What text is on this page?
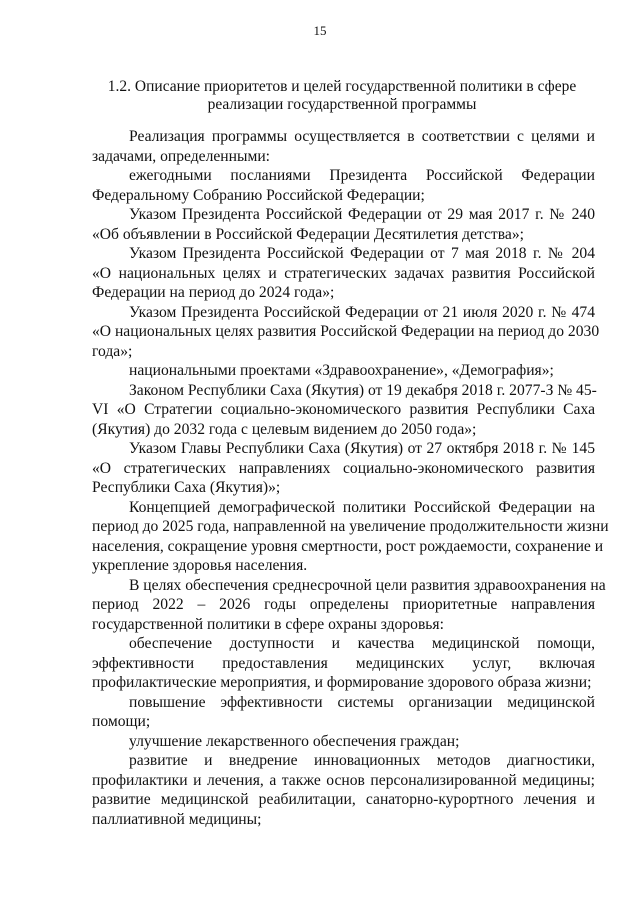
15
1.2. Описание приоритетов и целей государственной политики в сфере
реализации государственной программы
Реализация программы осуществляется в соответствии с целями и
задачами, определенными:
ежегодными посланиями Президента Российской Федерации
Федеральному Собранию Российской Федерации;
Указом Президента Российской Федерации от 29 мая 2017 г. № 240
«Об объявлении в Российской Федерации Десятилетия детства»;
Указом Президента Российской Федерации от 7 мая 2018 г. № 204
«О национальных целях и стратегических задачах развития Российской
Федерации на период до 2024 года»;
Указом Президента Российской Федерации от 21 июля 2020 г. № 474
«О национальных целях развития Российской Федерации на период до 2030
года»;
национальными проектами «Здравоохранение», «Демография»;
Законом Республики Саха (Якутия) от 19 декабря 2018 г. 2077-З № 45-
VI «О Стратегии социально-экономического развития Республики Саха
(Якутия) до 2032 года с целевым видением до 2050 года»;
Указом Главы Республики Саха (Якутия) от 27 октября 2018 г. № 145
«О стратегических направлениях социально-экономического развития
Республики Саха (Якутия)»;
Концепцией демографической политики Российской Федерации на
период до 2025 года, направленной на увеличение продолжительности жизни
населения, сокращение уровня смертности, рост рождаемости, сохранение и
укрепление здоровья населения.
В целях обеспечения среднесрочной цели развития здравоохранения на
период 2022 – 2026 годы определены приоритетные направления
государственной политики в сфере охраны здоровья:
обеспечение доступности и качества медицинской помощи,
эффективности предоставления медицинских услуг, включая
профилактические мероприятия, и формирование здорового образа жизни;
повышение эффективности системы организации медицинской
помощи;
улучшение лекарственного обеспечения граждан;
развитие и внедрение инновационных методов диагностики,
профилактики и лечения, а также основ персонализированной медицины;
развитие медицинской реабилитации, санаторно-курортного лечения и
паллиативной медицины;
